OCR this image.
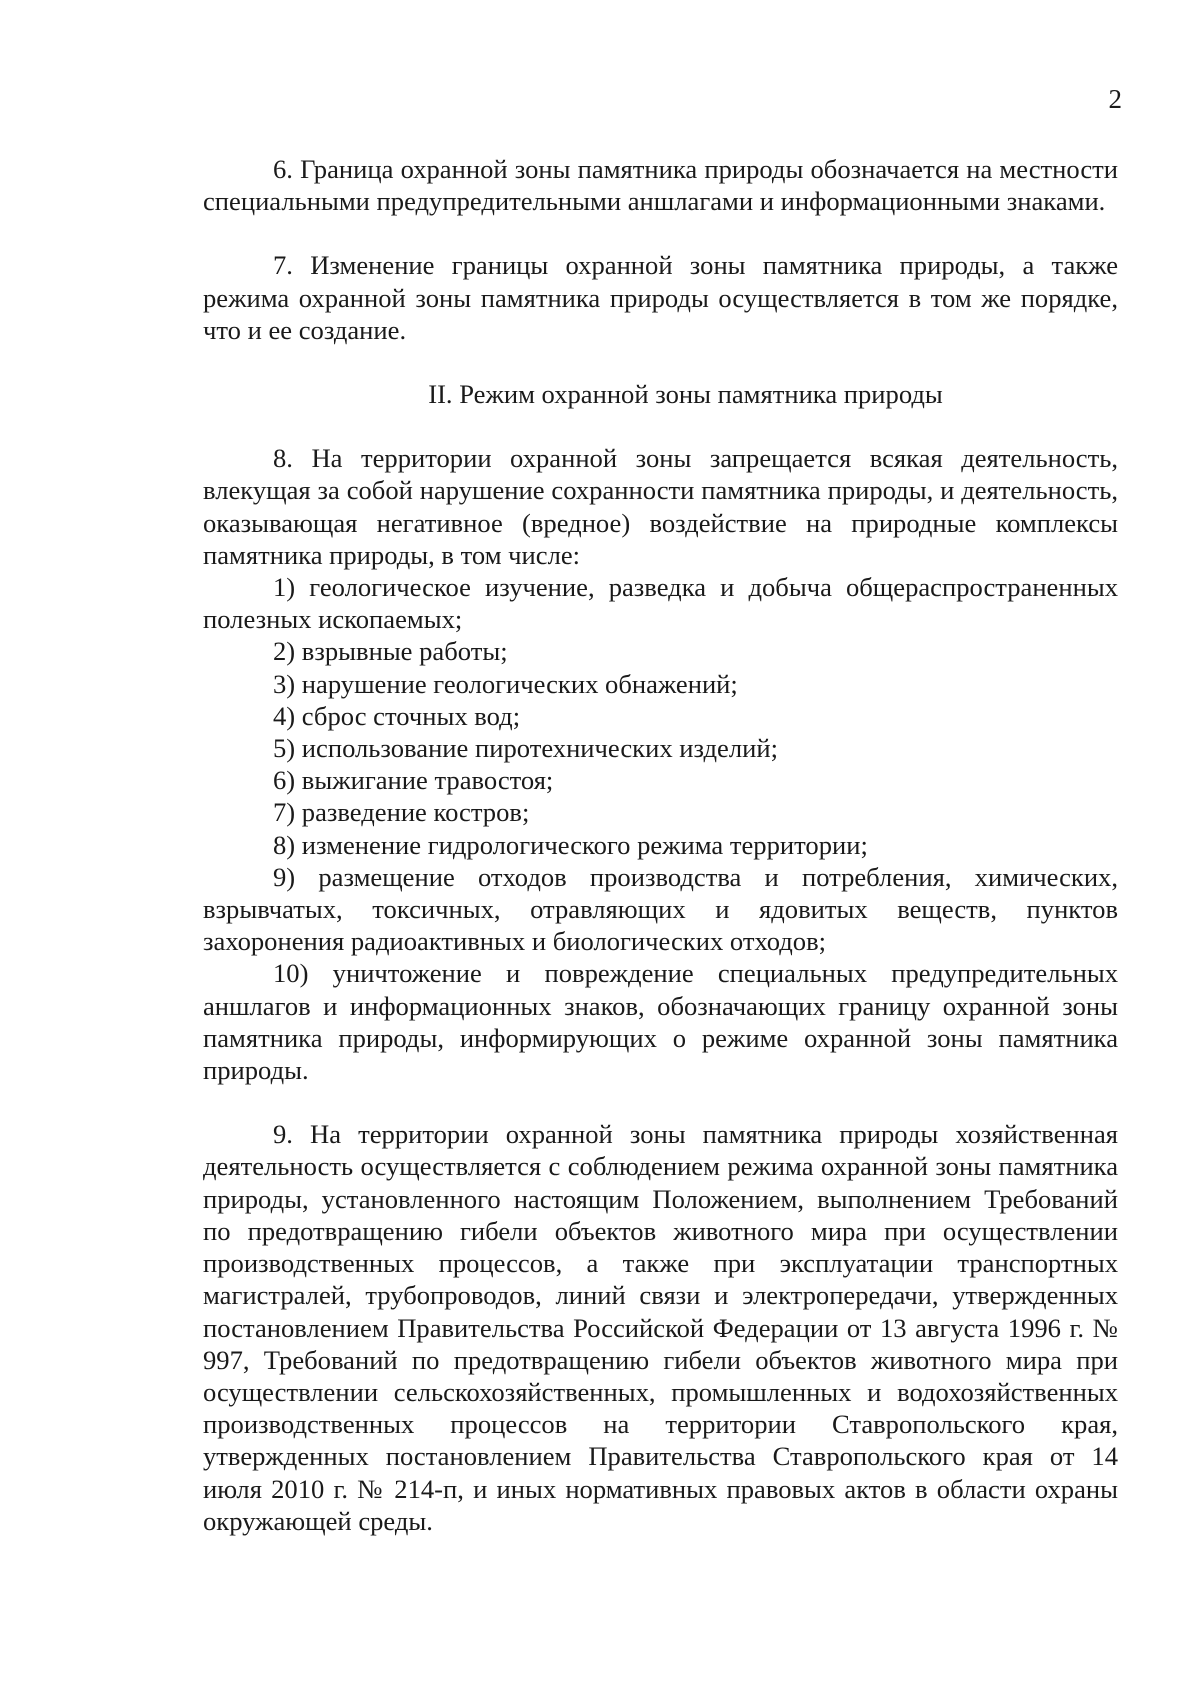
2

6. Граница охранной зоны памятника природы обозначается на местности специальными предупредительными аншлагами и информационными знаками.

7. Изменение границы охранной зоны памятника природы, а также режима охранной зоны памятника природы осуществляется в том же порядке, что и ее создание.

II. Режим охранной зоны памятника природы

8. На территории охранной зоны запрещается всякая деятельность, влекущая за собой нарушение сохранности памятника природы, и деятельность, оказывающая негативное (вредное) воздействие на природные комплексы памятника природы, в том числе:

1) геологическое изучение, разведка и добыча общераспространенных полезных ископаемых;

2) взрывные работы;

3) нарушение геологических обнажений;

4) сброс сточных вод;

5) использование пиротехнических изделий;

6) выжигание травостоя;

7) разведение костров;

8) изменение гидрологического режима территории;

9) размещение отходов производства и потребления, химических, взрывчатых, токсичных, отравляющих и ядовитых веществ, пунктов захоронения радиоактивных и биологических отходов;

10) уничтожение и повреждение специальных предупредительных аншлагов и информационных знаков, обозначающих границу охранной зоны памятника природы, информирующих о режиме охранной зоны памятника природы.

9. На территории охранной зоны памятника природы хозяйственная деятельность осуществляется с соблюдением режима охранной зоны памятника природы, установленного настоящим Положением, выполнением Требований по предотвращению гибели объектов животного мира при осуществлении производственных процессов, а также при эксплуатации транспортных магистралей, трубопроводов, линий связи и электропередачи, утвержденных постановлением Правительства Российской Федерации от 13 августа 1996 г. № 997, Требований по предотвращению гибели объектов животного мира при осуществлении сельскохозяйственных, промышленных и водохозяйственных производственных процессов на территории Ставропольского края, утвержденных постановлением Правительства Ставропольского края от 14 июля 2010 г. № 214-п, и иных нормативных правовых актов в области охраны окружающей среды.
